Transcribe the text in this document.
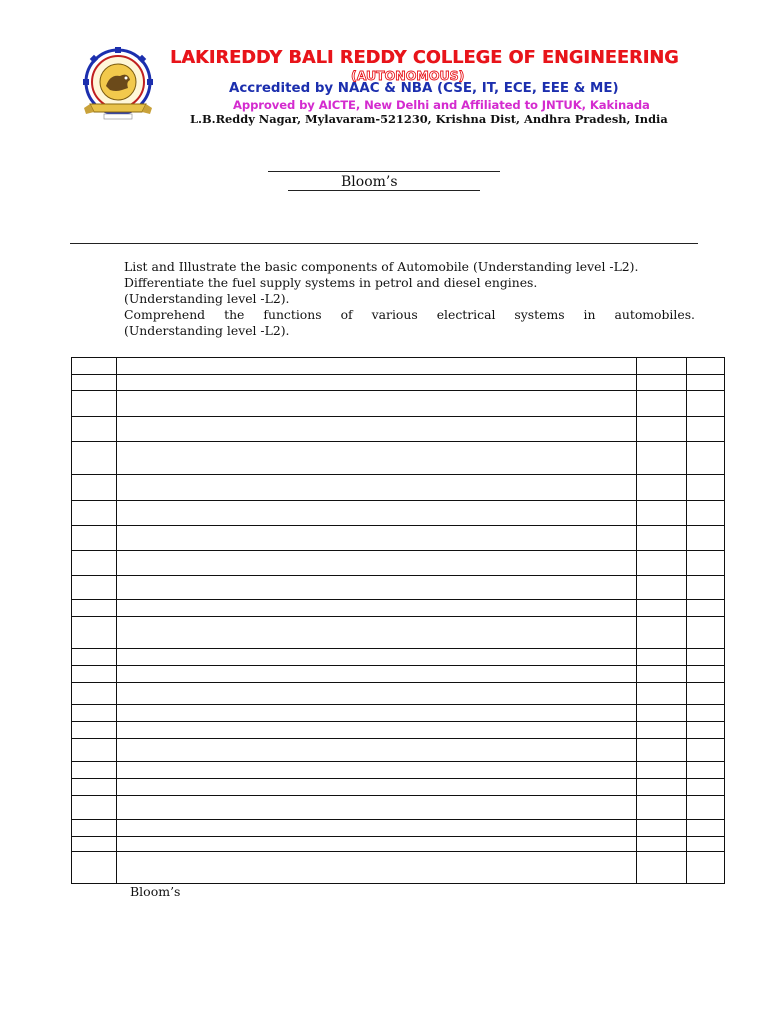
LAKIREDDY BALI REDDY COLLEGE OF ENGINEERING
(AUTONOMOUS)
Accredited by NAAC & NBA (CSE, IT, ECE, EEE & ME)
Approved by AICTE, New Delhi and Affiliated to JNTUK, Kakinada
L.B.Reddy Nagar, Mylavaram-521230, Krishna Dist, Andhra Pradesh, India
Bloom’s

List and Illustrate the basic components of Automobile (Understanding level -L2).

Differentiate the fuel supply systems in petrol and diesel engines.

(Understanding level -L2).

Comprehend the functions of various electrical systems in automobiles.

(Understanding level -L2).

Bloom’s
